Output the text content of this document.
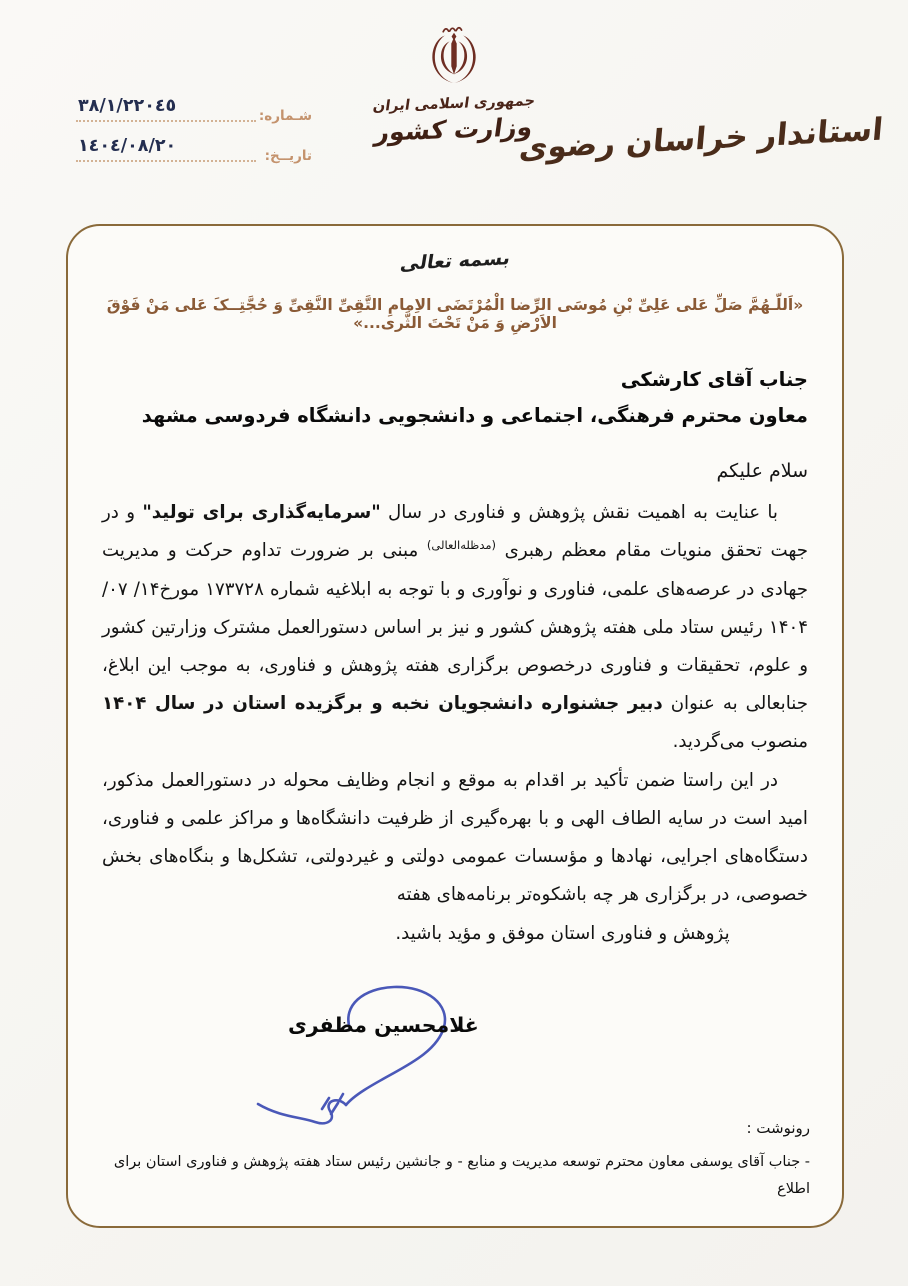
٣٨/١/٢٢٠٤٥	شـماره:
١٤٠٤/٠٨/٢٠	تاریــخ:
جمهوری اسلامی ایران
وزارت کشور
استاندار خراسان رضوی
بسمه تعالی
«اَللّـهُمَّ صَلِّ عَلی عَلِیِّ بْنِ مُوسَی الرِّضا الْمُرْتَضَی الاِمامِ التَّقِیِّ النَّقِیِّ وَ حُجَّتِــکَ عَلی مَنْ فَوْقَ الاَرْضِ وَ مَنْ تَحْتَ الثَّری...»
جناب آقای کارشکی
معاون محترم فرهنگی، اجتماعی و دانشجویی دانشگاه فردوسی مشهد
سلام علیکم

با عنایت به اهمیت نقش پژوهش و فناوری در سال "سرمایه‌گذاری برای تولید" و در جهت تحقق منویات مقام معظم رهبری $^{(مدظله‌العالی)}$ مبنی بر ضرورت تداوم حرکت و مدیریت جهادی در عرصه‌های علمی، فناوری و نوآوری و با توجه به ابلاغیه شماره ۱۷۳۷۲۸ مورخ۱۴/ ۰۷/ ۱۴۰۴ رئیس ستاد ملی هفته پژوهش کشور و نیز بر اساس دستورالعمل مشترک وزارتین کشور و علوم، تحقیقات و فناوری درخصوص برگزاری هفته پژوهش و فناوری، به موجب این ابلاغ، جنابعالی به عنوان دبیر جشنواره دانشجویان نخبه و برگزیده استان در سال ۱۴۰۴ منصوب می‌گردید.

در این راستا ضمن تأکید بر اقدام به موقع و انجام وظایف محوله در دستورالعمل مذکور، امید است در سایه الطاف الهی و با بهره‌گیری از ظرفیت دانشگاه‌ها و مراکز علمی و فناوری، دستگاه‌های اجرایی، نهادها و مؤسسات عمومی دولتی و غیردولتی، تشکل‌ها و بنگاه‌های بخش خصوصی، در برگزاری هر چه باشکوه‌تر برنامه‌های هفته

پژوهش و فناوری استان موفق و مؤید باشید.

غلامحسین مظفری
رونوشت :
- جناب آقای یوسفی معاون محترم توسعه مدیریت و منابع - و جانشین رئیس ستاد هفته پژوهش و فناوری استان برای اطلاع
